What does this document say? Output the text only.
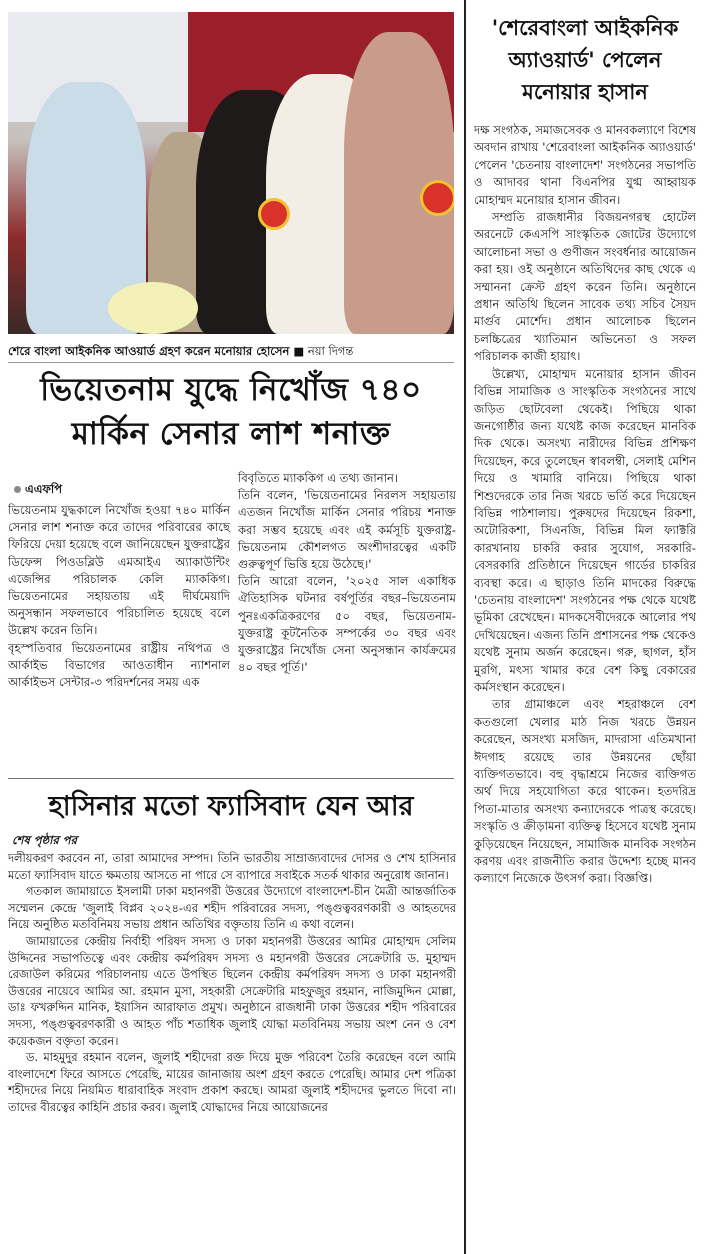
শেরে বাংলা আইকনিক আওয়ার্ড গ্রহণ করেন মনোয়ার হোসেন ■ নয়া দিগন্ত
ভিয়েতনাম যুদ্ধে নিখোঁজ ৭৪০
মার্কিন সেনার লাশ শনাক্ত
এএফপি

ভিয়েতনাম যুদ্ধকালে নিখোঁজ হওয়া ৭৪০ মার্কিন সেনার লাশ শনাক্ত করে তাদের পরিবারের কাছে ফিরিয়ে দেয়া হয়েছে বলে জানিয়েছেন যুক্তরাষ্ট্রের ডিফেন্স পিওডব্লিউ এমআইএ অ্যাকাউন্টিং এজেন্সির পরিচালক কেলি ম্যাককিগ। ভিয়েতনামের সহায়তায় এই দীর্ঘমেয়াদি অনুসন্ধান সফলভাবে পরিচালিত হয়েছে বলে উল্লেখ করেন তিনি।

বৃহস্পতিবার ভিয়েতনামের রাষ্ট্রীয় নথিপত্র ও আর্কাইভ বিভাগের আওতাধীন ন্যাশনাল আর্কাইভস সেন্টার-৩ পরিদর্শনের সময় এক

বিবৃতিতে ম্যাককিগ এ তথ্য জানান।

তিনি বলেন, 'ভিয়েতনামের নিরলস সহায়তায় এতজন নিখোঁজ মার্কিন সেনার পরিচয় শনাক্ত করা সম্ভব হয়েছে এবং এই কর্মসূচি যুক্তরাষ্ট্র-ভিয়েতনাম কৌশলগত অংশীদারত্বের একটি গুরুত্বপূর্ণ ভিত্তি হয়ে উঠেছে।'

তিনি আরো বলেন, '২০২৫ সাল একাধিক ঐতিহাসিক ঘটনার বর্ষপূর্তির বছর–ভিয়েতনাম পুনঃএকত্রিকরণের ৫০ বছর, ভিয়েতনাম-যুক্তরাষ্ট্র কূটনৈতিক সম্পর্কের ৩০ বছর এবং যুক্তরাষ্ট্রের নিখোঁজ সেনা অনুসন্ধান কার্যক্রমের ৪০ বছর পূর্তি।'

হাসিনার মতো ফ্যাসিবাদ যেন আর
শেষ পৃষ্ঠার পর

দলীয়করণ করবেন না, তারা আমাদের সম্পদ। তিনি ভারতীয় সাম্রাজ্যবাদের দোসর ও শেখ হাসিনার মতো ফ্যাসিবাদ যাতে ক্ষমতায় আসতে না পারে সে ব্যাপারে সবাইকে সতর্ক থাকার অনুরোধ জানান।

গতকাল জামায়াতে ইসলামী ঢাকা মহানগরী উত্তরের উদ্যোগে বাংলাদেশ-চীন মৈত্রী আন্তর্জাতিক সম্মেলন কেন্দ্রে 'জুলাই বিপ্লব ২০২৪-এর শহীদ পরিবারের সদস্য, পঙ্গুত্ববরণকারী ও আহতদের নিয়ে অনুষ্ঠিত মতবিনিময় সভায় প্রধান অতিথির বক্তৃতায় তিনি এ কথা বলেন।

জামায়াতের কেন্দ্রীয় নির্বাহী পরিষদ সদস্য ও ঢাকা মহানগরী উত্তরের আমির মোহাম্মদ সেলিম উদ্দিনের সভাপতিত্বে এবং কেন্দ্রীয় কর্মপরিষদ সদস্য ও মহানগরী উত্তরের সেক্রেটারি ড. মুহাম্মদ রেজাউল করিমের পরিচালনায় এতে উপস্থিত ছিলেন কেন্দ্রীয় কর্মপরিষদ সদস্য ও ঢাকা মহানগরী উত্তরের নায়েবে আমির আ. রহমান মুসা, সহকারী সেক্রেটারি মাহফুজুর রহমান, নাজিমুদ্দিন মোল্লা, ডাঃ ফখরুদ্দিন মানিক, ইয়াসিন আরাফাত প্রমুখ। অনুষ্ঠানে রাজধানী ঢাকা উত্তরের শহীদ পরিবারের সদস্য, পঙ্গুত্ববরণকারী ও আহত পাঁচ শতাধিক জুলাই যোদ্ধা মতবিনিময় সভায় অংশ নেন ও বেশ কয়েকজন বক্তৃতা করেন।

ড. মাহমুদুর রহমান বলেন, জুলাই শহীদেরা রক্ত দিয়ে মুক্ত পরিবেশ তৈরি করেছেন বলে আমি বাংলাদেশে ফিরে আসতে পেরেছি, মায়ের জানাজায় অংশ গ্রহণ করতে পেরেছি। আমার দেশ পত্রিকা শহীদদের নিয়ে নিয়মিত ধারাবাহিক সংবাদ প্রকাশ করছে। আমরা জুলাই শহীদদের ভুলতে দিবো না। তাদের বীরত্বের কাহিনি প্রচার করব। জুলাই যোদ্ধাদের নিয়ে আয়োজনের

'শেরেবাংলা আইকনিক
অ্যাওয়ার্ড' পেলেন
মনোয়ার হাসান

দক্ষ সংগঠক, সমাজসেবক ও মানবকল্যাণে বিশেষ অবদান রাখায় 'শেরেবাংলা আইকনিক অ্যাওয়ার্ড' পেলেন 'চেতনায় বাংলাদেশ' সংগঠনের সভাপতি ও আদাবর থানা বিএনপির যুগ্ম আহ্বায়ক মোহাম্মদ মনোয়ার হাসান জীবন।

সম্প্রতি রাজধানীর বিজয়নগরস্থ হোটেল অরনেটে কেএসপি সাংস্কৃতিক জোটের উদ্যোগে আলোচনা সভা ও গুণীজন সংবর্ধনার আয়োজন করা হয়। ওই অনুষ্ঠানে অতিথিদের কাছ থেকে এ সম্মাননা ক্রেস্ট গ্রহণ করেন তিনি। অনুষ্ঠানে প্রধান অতিথি ছিলেন সাবেক তথ্য সচিব সৈয়দ মার্গুব মোর্শেদ। প্রধান আলোচক ছিলেন চলচ্চিত্রের খ্যাতিমান অভিনেতা ও সফল পরিচালক কাজী হায়াৎ।

উল্লেখ্য, মোহাম্মদ মনোয়ার হাসান জীবন বিভিন্ন সামাজিক ও সাংস্কৃতিক সংগঠনের সাথে জড়িত ছোটবেলা থেকেই। পিছিয়ে থাকা জনগোষ্ঠীর জন্য যথেষ্ট কাজ করেছেন মানবিক দিক থেকে। অসংখ্য নারীদের বিভিন্ন প্রশিক্ষণ দিয়েছেন, করে তুলেছেন স্বাবলম্বী, সেলাই মেশিন দিয়ে ও খামারি বানিয়ে। পিছিয়ে থাকা শিশুদেরকে তার নিজ খরচে ভর্তি করে দিয়েছেন বিভিন্ন পাঠশালায়। পুরুষদের দিয়েছেন রিকশা, অটোরিকশা, সিএনজি, বিভিন্ন মিল ফ্যাক্টরি কারখানায় চাকরি করার সুযোগ, সরকারি-বেসরকারি প্রতিষ্ঠানে দিয়েছেন গার্ডের চাকরির ব্যবস্থা করে। এ ছাড়াও তিনি মাদকের বিরুদ্ধে 'চেতনায় বাংলাদেশ' সংগঠনের পক্ষ থেকে যথেষ্ট ভূমিকা রেখেছেন। মাদকসেবীদেরকে আলোর পথ দেখিয়েছেন। এজন্য তিনি প্রশাসনের পক্ষ থেকেও যথেষ্ট সুনাম অর্জন করেছেন। গরু, ছাগল, হাঁস মুরগি, মৎস্য খামার করে বেশ কিছু বেকারের কর্মসংস্থান করেছেন।

তার গ্রামাঞ্চলে এবং শহরাঞ্চলে বেশ কতগুলো খেলার মাঠ নিজ খরচে উন্নয়ন করেছেন, অসংখ্য মসজিদ, মাদরাসা এতিমখানা ঈদগাহ রয়েছে তার উন্নয়নের ছোঁয়া ব্যক্তিগতভাবে। বহু বৃদ্ধাশ্রমে নিজের ব্যক্তিগত অর্থ দিয়ে সহযোগিতা করে থাকেন। হতদরিদ্র পিতা-মাতার অসংখ্য কন্যাদেরকে পাত্রস্থ করেছে। সংস্কৃতি ও ক্রীড়ামনা ব্যক্তিত্ব হিসেবে যথেষ্ট সুনাম কুড়িয়েছেন নিয়েছেন, সামাজিক মানবিক সংগঠন করণয় এবং রাজনীতি করার উদ্দেশ্য হচ্ছে মানব কল্যাণে নিজেকে উৎসর্গ করা। বিজ্ঞপ্তি।
